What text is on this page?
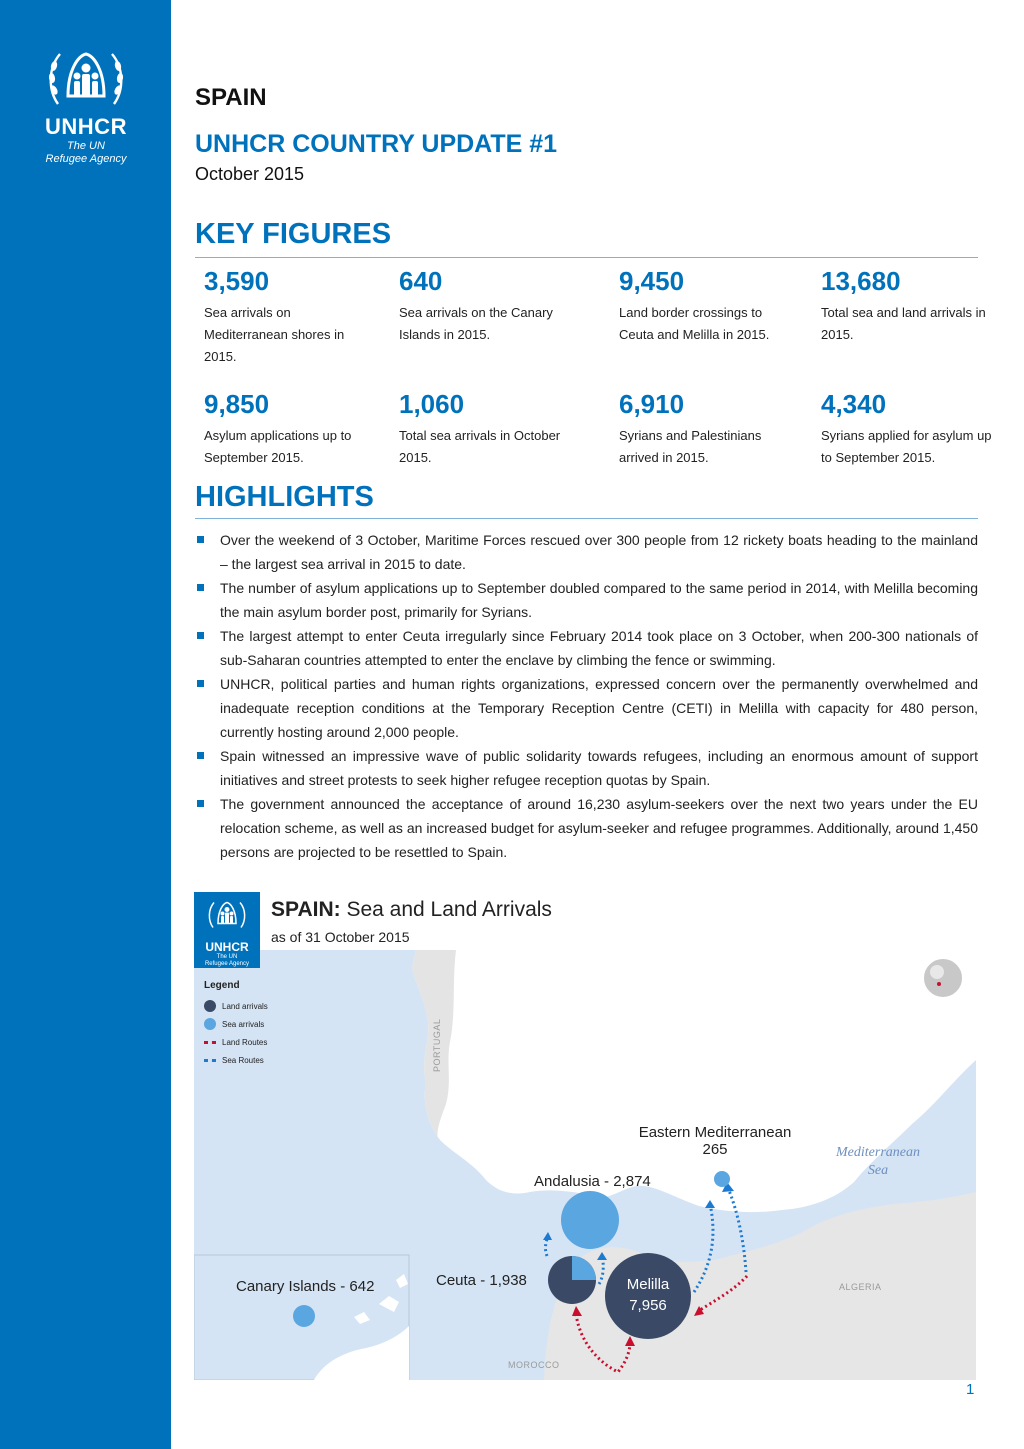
UNHCR
The UN
Refugee Agency
SPAIN
UNHCR COUNTRY UPDATE #1
October 2015
KEY FIGURES
3,590
Sea arrivals on Mediterranean shores in 2015.
640
Sea arrivals on the Canary Islands in 2015.
9,450
Land border crossings to Ceuta and Melilla in 2015.
13,680
Total sea and land arrivals in 2015.
9,850
Asylum applications up to September 2015.
1,060
Total sea arrivals in October 2015.
6,910
Syrians and Palestinians arrived in 2015.
4,340
Syrians applied for asylum up to September 2015.
HIGHLIGHTS
Over the weekend of 3 October, Maritime Forces rescued over 300 people from 12 rickety boats heading to the mainland – the largest sea arrival in 2015 to date.
The number of asylum applications up to September doubled compared to the same period in 2014, with Melilla becoming the main asylum border post, primarily for Syrians.
The largest attempt to enter Ceuta irregularly since February 2014 took place on 3 October, when 200-300 nationals of sub-Saharan countries attempted to enter the enclave by climbing the fence or swimming.
UNHCR, political parties and human rights organizations, expressed concern over the permanently overwhelmed and inadequate reception conditions at the Temporary Reception Centre (CETI) in Melilla with capacity for 480 person, currently hosting around 2,000 people.
Spain witnessed an impressive wave of public solidarity towards refugees, including an enormous amount of support initiatives and street protests to seek higher refugee reception quotas by Spain.
The government announced the acceptance of around 16,230 asylum-seekers over the next two years under the EU relocation scheme, as well as an increased budget for asylum-seeker and refugee programmes. Additionally, around 1,450 persons are projected to be resettled to Spain.
UNHCR
The UN
Refugee Agency
SPAIN: Sea and Land Arrivals
as of 31 October 2015
Legend
Land arrivals
Sea arrivals
Land Routes
Sea Routes	PORTUGAL
MOROCCO
ALGERIA
Mediterranean
Sea
Eastern Mediterranean
265
Andalusia - 2,874
Ceuta - 1,938	Melilla
7,956
Canary Islands - 642
1
